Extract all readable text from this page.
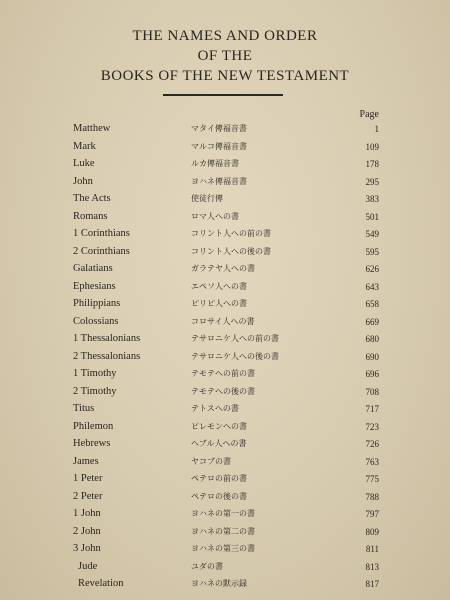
THE NAMES AND ORDER
OF THE
BOOKS OF THE NEW TESTAMENT
Page
Matthew	マタイ傳福音書	1
Mark	マルコ傳福音書	109
Luke	ルカ傳福音書	178
John	ヨハネ傳福音書	295
The Acts	使徒行傳	383
Romans	ロマ人への書	501
1 Corinthians	コリント人への前の書	549
2 Corinthians	コリント人への後の書	595
Galatians	ガラテヤ人への書	626
Ephesians	エペソ人への書	643
Philippians	ピリピ人への書	658
Colossians	コロサイ人への書	669
1 Thessalonians	テサロニケ人への前の書	680
2 Thessalonians	テサロニケ人への後の書	690
1 Timothy	テモテへの前の書	696
2 Timothy	テモテへの後の書	708
Titus	テトスへの書	717
Philemon	ピレモンへの書	723
Hebrews	ヘブル人への書	726
James	ヤコブの書	763
1 Peter	ペテロの前の書	775
2 Peter	ペテロの後の書	788
1 John	ヨハネの第一の書	797
2 John	ヨハネの第二の書	809
3 John	ヨハネの第三の書	811
Jude	ユダの書	813
Revelation	ヨハネの默示録	817
